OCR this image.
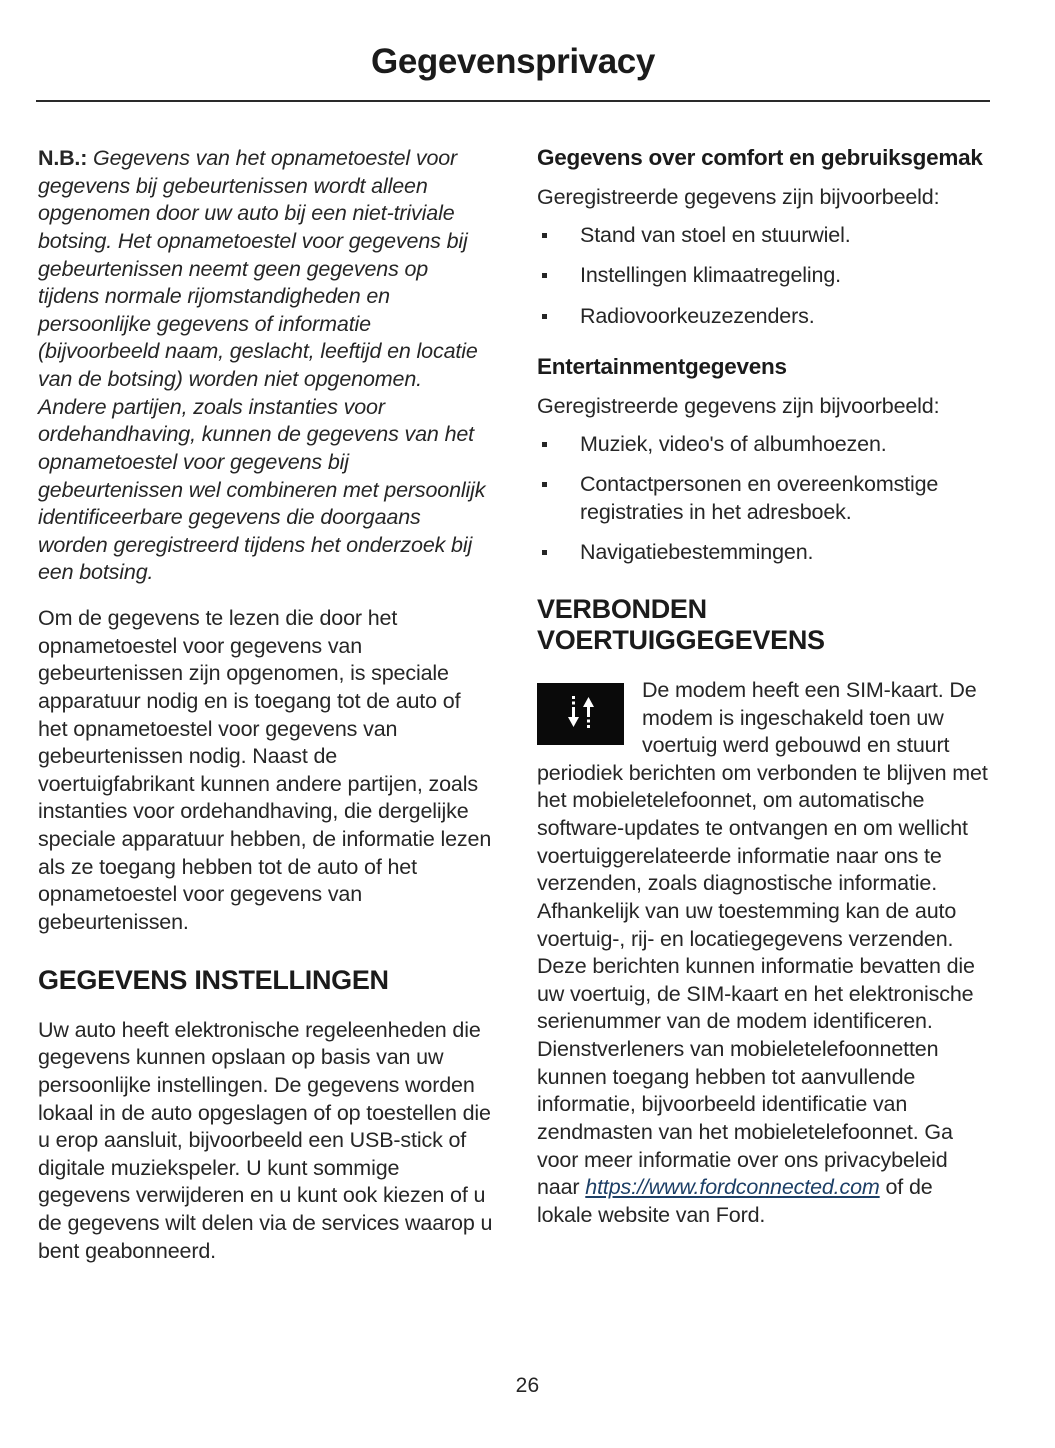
Gegevensprivacy

N.B.: Gegevens van het opnametoestel voor gegevens bij gebeurtenissen wordt alleen opgenomen door uw auto bij een niet-triviale botsing. Het opnametoestel voor gegevens bij gebeurtenissen neemt geen gegevens op tijdens normale rijomstandigheden en persoonlijke gegevens of informatie (bijvoorbeeld naam, geslacht, leeftijd en locatie van de botsing) worden niet opgenomen. Andere partijen, zoals instanties voor ordehandhaving, kunnen de gegevens van het opnametoestel voor gegevens bij gebeurtenissen wel combineren met persoonlijk identificeerbare gegevens die doorgaans worden geregistreerd tijdens het onderzoek bij een botsing.

Om de gegevens te lezen die door het opnametoestel voor gegevens van gebeurtenissen zijn opgenomen, is speciale apparatuur nodig en is toegang tot de auto of het opnametoestel voor gegevens van gebeurtenissen nodig. Naast de voertuigfabrikant kunnen andere partijen, zoals instanties voor ordehandhaving, die dergelijke speciale apparatuur hebben, de informatie lezen als ze toegang hebben tot de auto of het opnametoestel voor gegevens van gebeurtenissen.

GEGEVENS INSTELLINGEN

Uw auto heeft elektronische regeleenheden die gegevens kunnen opslaan op basis van uw persoonlijke instellingen. De gegevens worden lokaal in de auto opgeslagen of op toestellen die u erop aansluit, bijvoorbeeld een USB-stick of digitale muziekspeler. U kunt sommige gegevens verwijderen en u kunt ook kiezen of u de gegevens wilt delen via de services waarop u bent geabonneerd.

Gegevens over comfort en gebruiksgemak

Geregistreerde gegevens zijn bijvoorbeeld:

Stand van stoel en stuurwiel.
Instellingen klimaatregeling.
Radiovoorkeuzezenders.
Entertainmentgegevens

Geregistreerde gegevens zijn bijvoorbeeld:

Muziek, video's of albumhoezen.
Contactpersonen en overeenkomstige registraties in het adresboek.
Navigatiebestemmingen.
VERBONDEN VOERTUIGGEGEVENS

De modem heeft een SIM-kaart. De modem is ingeschakeld toen uw voertuig werd gebouwd en stuurt periodiek berichten om verbonden te blijven met het mobieletelefoonnet, om automatische software-updates te ontvangen en om wellicht voertuiggerelateerde informatie naar ons te verzenden, zoals diagnostische informatie. Afhankelijk van uw toestemming kan de auto voertuig-, rij- en locatiegegevens verzenden. Deze berichten kunnen informatie bevatten die uw voertuig, de SIM-kaart en het elektronische serienummer van de modem identificeren. Dienstverleners van mobieletelefoonnetten kunnen toegang hebben tot aanvullende informatie, bijvoorbeeld identificatie van zendmasten van het mobieletelefoonnet. Ga voor meer informatie over ons privacybeleid naar https://www.fordconnected.com of de lokale website van Ford.

26
